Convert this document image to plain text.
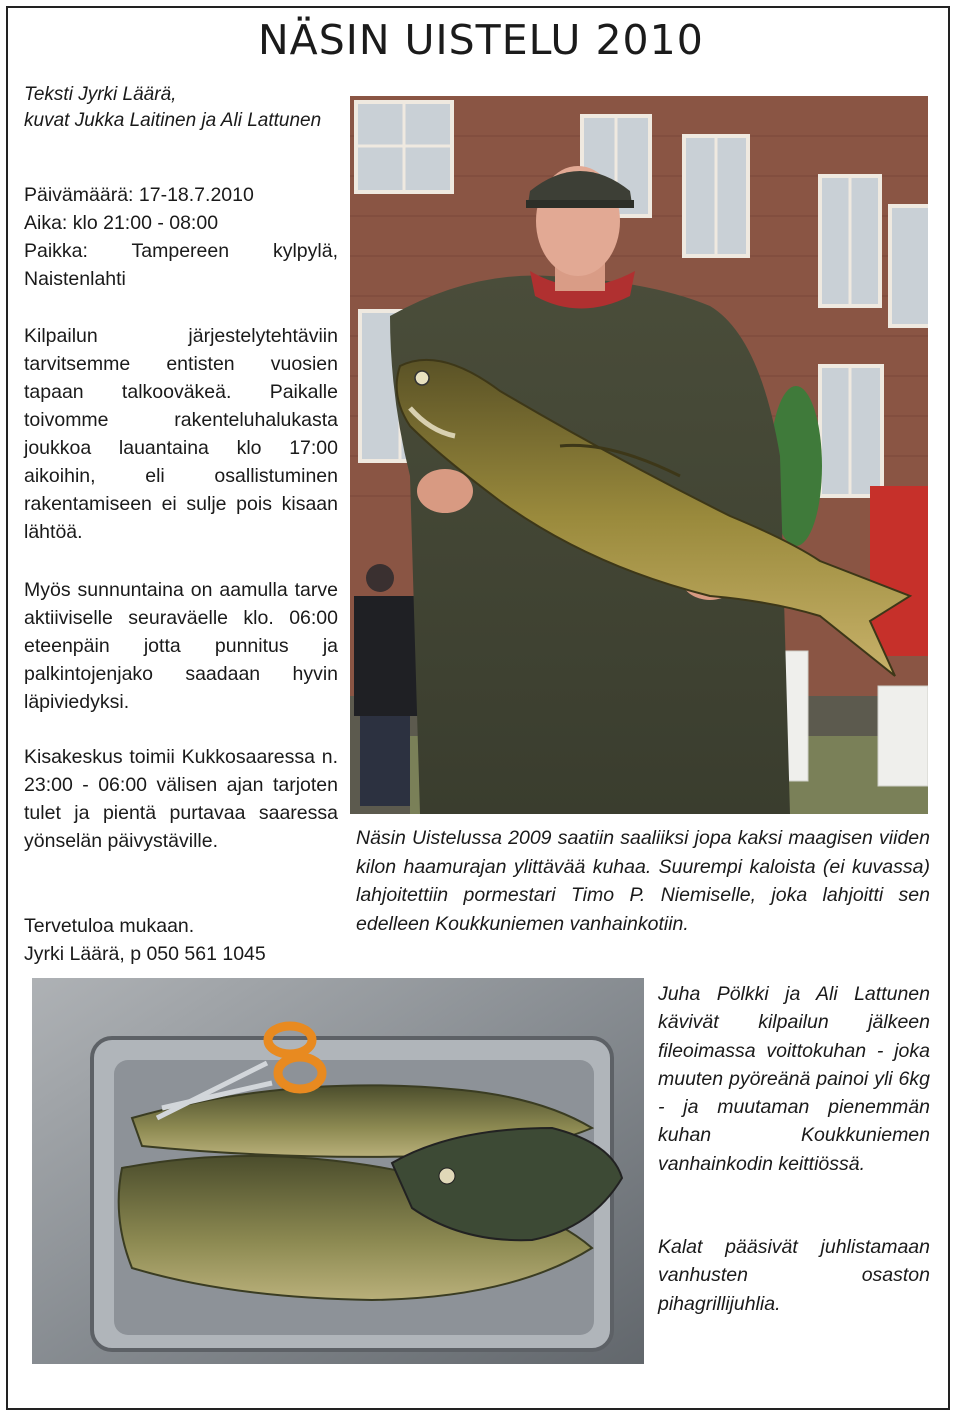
NÄSIN UISTELU 2010
Teksti Jyrki Läärä,
kuvat Jukka Laitinen ja Ali Lattunen
Päivämäärä: 17-18.7.2010
Aika: klo 21:00 - 08:00
Paikka: Tampereen kylpylä, Naistenlahti

Kilpailun järjestelytehtäviin tarvitsemme entisten vuosien tapaan talkooväkeä. Paikalle toivomme rakenteluhalukasta joukkoa lauantaina klo 17:00 aikoihin, eli osallistuminen rakentamiseen ei sulje pois kisaan lähtöä.

Myös sunnuntaina on aamulla tarve aktiiviselle seuraväelle klo. 06:00 eteenpäin jotta punnitus ja palkintojenjako saadaan hyvin läpiviedyksi.

Kisakeskus toimii Kukkosaaressa n. 23:00 - 06:00 välisen ajan tarjoten tulet ja pientä purtavaa saaressa yönselän päivystäville.

Tervetuloa mukaan.
Jyrki Läärä, p 050 561 1045

Näsin Uistelussa 2009 saatiin saaliiksi jopa kaksi maagisen viiden kilon haamurajan ylittävää kuhaa. Suurempi kaloista (ei kuvassa) lahjoitettiin pormestari Timo P. Niemiselle, joka lahjoitti sen edelleen Koukkuniemen vanhainkotiin.

Juha Pölkki ja Ali Lattunen kävivät kilpailun jälkeen fileoimassa voittokuhan - joka muuten pyöreänä painoi yli 6kg - ja muutaman pienemmän kuhan Koukkuniemen vanhainkodin keittiössä.

Kalat pääsivät juhlistamaan vanhusten osaston pihagrillijuhlia.
